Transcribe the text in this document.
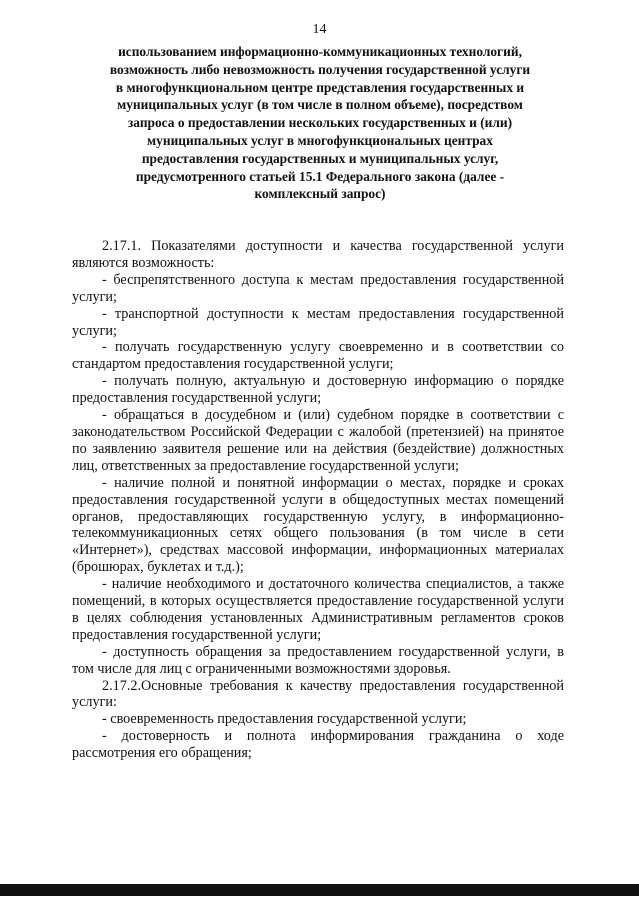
14
использованием информационно-коммуникационных технологий,
возможность либо невозможность получения государственной услуги
в многофункциональном центре представления государственных и
муниципальных услуг (в том числе в полном объеме), посредством
запроса о предоставлении нескольких государственных и (или)
муниципальных услуг в многофункциональных центрах
предоставления государственных и муниципальных услуг,
предусмотренного статьей 15.1 Федерального закона (далее -
комплексный запрос)

2.17.1. Показателями доступности и качества государственной услуги являются возможность:

- беспрепятственного доступа к местам предоставления государственной услуги;

- транспортной доступности к местам предоставления государственной услуги;

- получать государственную услугу своевременно и в соответствии со стандартом предоставления государственной услуги;

- получать полную, актуальную и достоверную информацию о порядке предоставления государственной услуги;

- обращаться в досудебном и (или) судебном порядке в соответствии с законодательством Российской Федерации с жалобой (претензией) на принятое по заявлению заявителя решение или на действия (бездействие) должностных лиц, ответственных за предоставление государственной услуги;

- наличие полной и понятной информации о местах, порядке и сроках предоставления государственной услуги в общедоступных местах помещений органов, предоставляющих государственную услугу, в информационно- телекоммуникационных сетях общего пользования (в том числе в сети «Интернет»), средствах массовой информации, информационных материалах (брошюрах, буклетах и т.д.);

- наличие необходимого и достаточного количества специалистов, а также помещений, в которых осуществляется предоставление государственной услуги в целях соблюдения установленных Административным регламентов сроков предоставления государственной услуги;

- доступность обращения за предоставлением государственной услуги, в том числе для лиц с ограниченными возможностями здоровья.

2.17.2.Основные требования к качеству предоставления государственной услуги:

- своевременность предоставления государственной услуги;

- достоверность и полнота информирования гражданина о ходе рассмотрения его обращения;
